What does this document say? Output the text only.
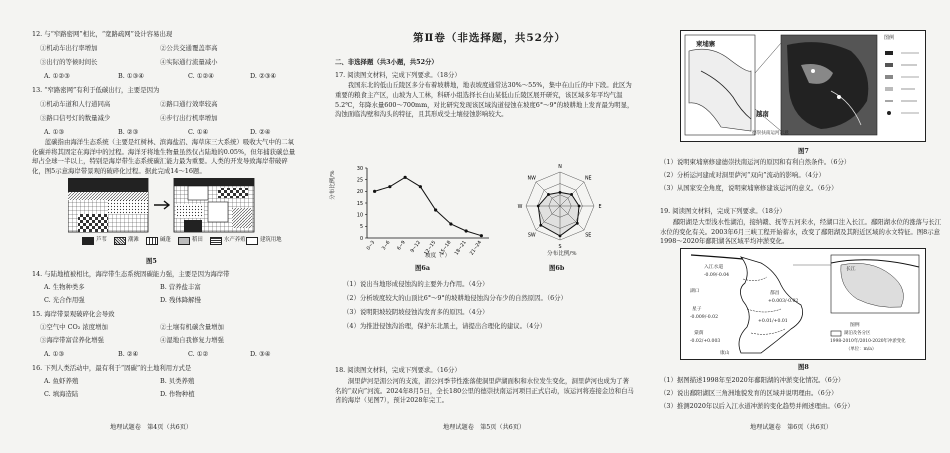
12. 与“窄路密网”相比，“宽路疏网”设计容易出现
①机动车出行率增加	②公共交通覆盖率高
③出行的等候时间长	④实际通行流量减小
A. ①②③	B. ①③④	C. ①②④	D. ②③④
13. “窄路密网”有利于低碳出行，主要是因为
①机动车道和人行道同高	②路口通行效率较高
③路口信号灯的数量减少	④步行出行机率增加
A. ①③	B. ②③	C. ①④	D. ②④
　　蓝碳指由海洋生态系统（主要是红树林、滨海盐沼、海草床三大系统）吸收大气中的二氧化碳并将其固定在海洋中的过程。海洋牙将地生物量虽然仅占陆地的0.05%，但年捕获碳总量却占全球一半以上，特别是海岸带生态系统碳汇能力最为重要。人类的开发导致海岸带破碎化，图5示意海岸带景观的破碎化过程。据此完成14～16题。
芦苇	潮滩	碱蓬	稻田	水产养殖	建筑用地
图5
14. 与陆地植被相比，海岸带生态系统固碳能力强，主要是因为海岸带
A. 生物种类多	B. 营养盐丰富
C. 光合作用强	D. 残体降解慢
15. 海岸带景观破碎化会导致
①空气中 CO₂ 浓度增加	②土壤有机碳含量增加
③海岸带富营养化增强	④湿地自我修复力增强
A. ①③	B. ②④	C. ①②	D. ③④
16. 下列人类活动中，最有利于“固碳”的土地利用方式是
A. 鱼虾养殖	B. 贝类养殖
C. 填海造陆	D. 作物种植
地理试题卷　第4页（共6页）
第Ⅱ卷（非选择题，共52分）
二、非选择题（共3小题，共52分）
17. 阅读图文材料，完成下列要求。（18分）
　　我国东北的低山丘陵区多分布着坡耕地，地表坡度通常达30%～55%，集中在山丘的中下段。此区为重要的粮食主产区，山坡为人工林，科研小组选择长白山某低山丘陵区展开研究，该区域多年平均气温5.2℃，年降水量600～700mm，对比研究发现该区域沟道侵蚀在坡度6°～9°的坡耕地上发育最为明显，沟蚀面临沟壁和沟头的特征，且其形成受土壤侵蚀影响较大。
0
5
10
15
20
25
30
0~3 3~6 6~9 9~12 12~15 15~18 18~21 21~24
坡度（°）
分布比例/%
图6a
N
NE
E
SE
S
SW
W
NW
分布比例/%
图6b
（1）说出当地形成侵蚀沟的主要外力作用。（4分）
（2）分析坡度较大的山顶比6°～9°的坡耕地侵蚀沟分布少的自然原因。（6分）
（3）说明阳坡较阴坡侵蚀沟发育多的原因。（4分）
（4）为推进侵蚀沟治理，保护东北黑土，请提出合理化的建议。（4分）
18. 阅读图文材料，完成下列要求。（16分）
　　洞里萨河是湄公河的支流，湄公河季节性涨落使洞里萨湖面积和水位发生变化，洞里萨河也成为了著名的“双向”河流。2024年8月5日，全长180公里的德崇扶南运河项目正式启动，该运河将连接金边和白马省的海岸（见图7），预计2028年完工。
地理试题卷　第5页（共6页）
柬埔寨
越南
德崇扶南运河示意
图例
图7
（1）说明柬埔寨修建德崇扶南运河的原因和有利自然条件。（6分）
（2）分析运河建成对洞里萨河“双向”流动的影响。（4分）
（3）从国家安全角度，说明柬埔寨修建该运河的意义。（6分）
19. 阅读图文材料，完成下列要求。（18分）
　　鄱阳湖是大型浅水性湖泊，接纳赣、抚等五河来水，经湖口注入长江。鄱阳湖水位的涨落与长江水位的变化有关。2003年6月三峡工程开始蓄水，改变了鄱阳湖及其附近区域的水文特征。图8示意1998～2020年鄱阳湖各区域平均冲淤变化。
入江水道
湖口	都昌
星子
棠荫
康山
长江
-0.09/-0.04
+0.003/-0.02
-0.009/-0.02
+0.01/+0.01
-0.02/+0.003
图例
湖泊及各分区
1998-2010年/2010-2020年冲淤变化
（单位：m/a）
图8
（1）据图描述1998年至2020年鄱阳湖的冲淤变化情况。（6分）
（2）说出鄱阳湖区三角洲地貌发育的区域并说明理由。（6分）
（3）推测2020年以后入江水道冲淤的变化趋势并阐述理由。（6分）
地理试题卷　第6页（共6页）
